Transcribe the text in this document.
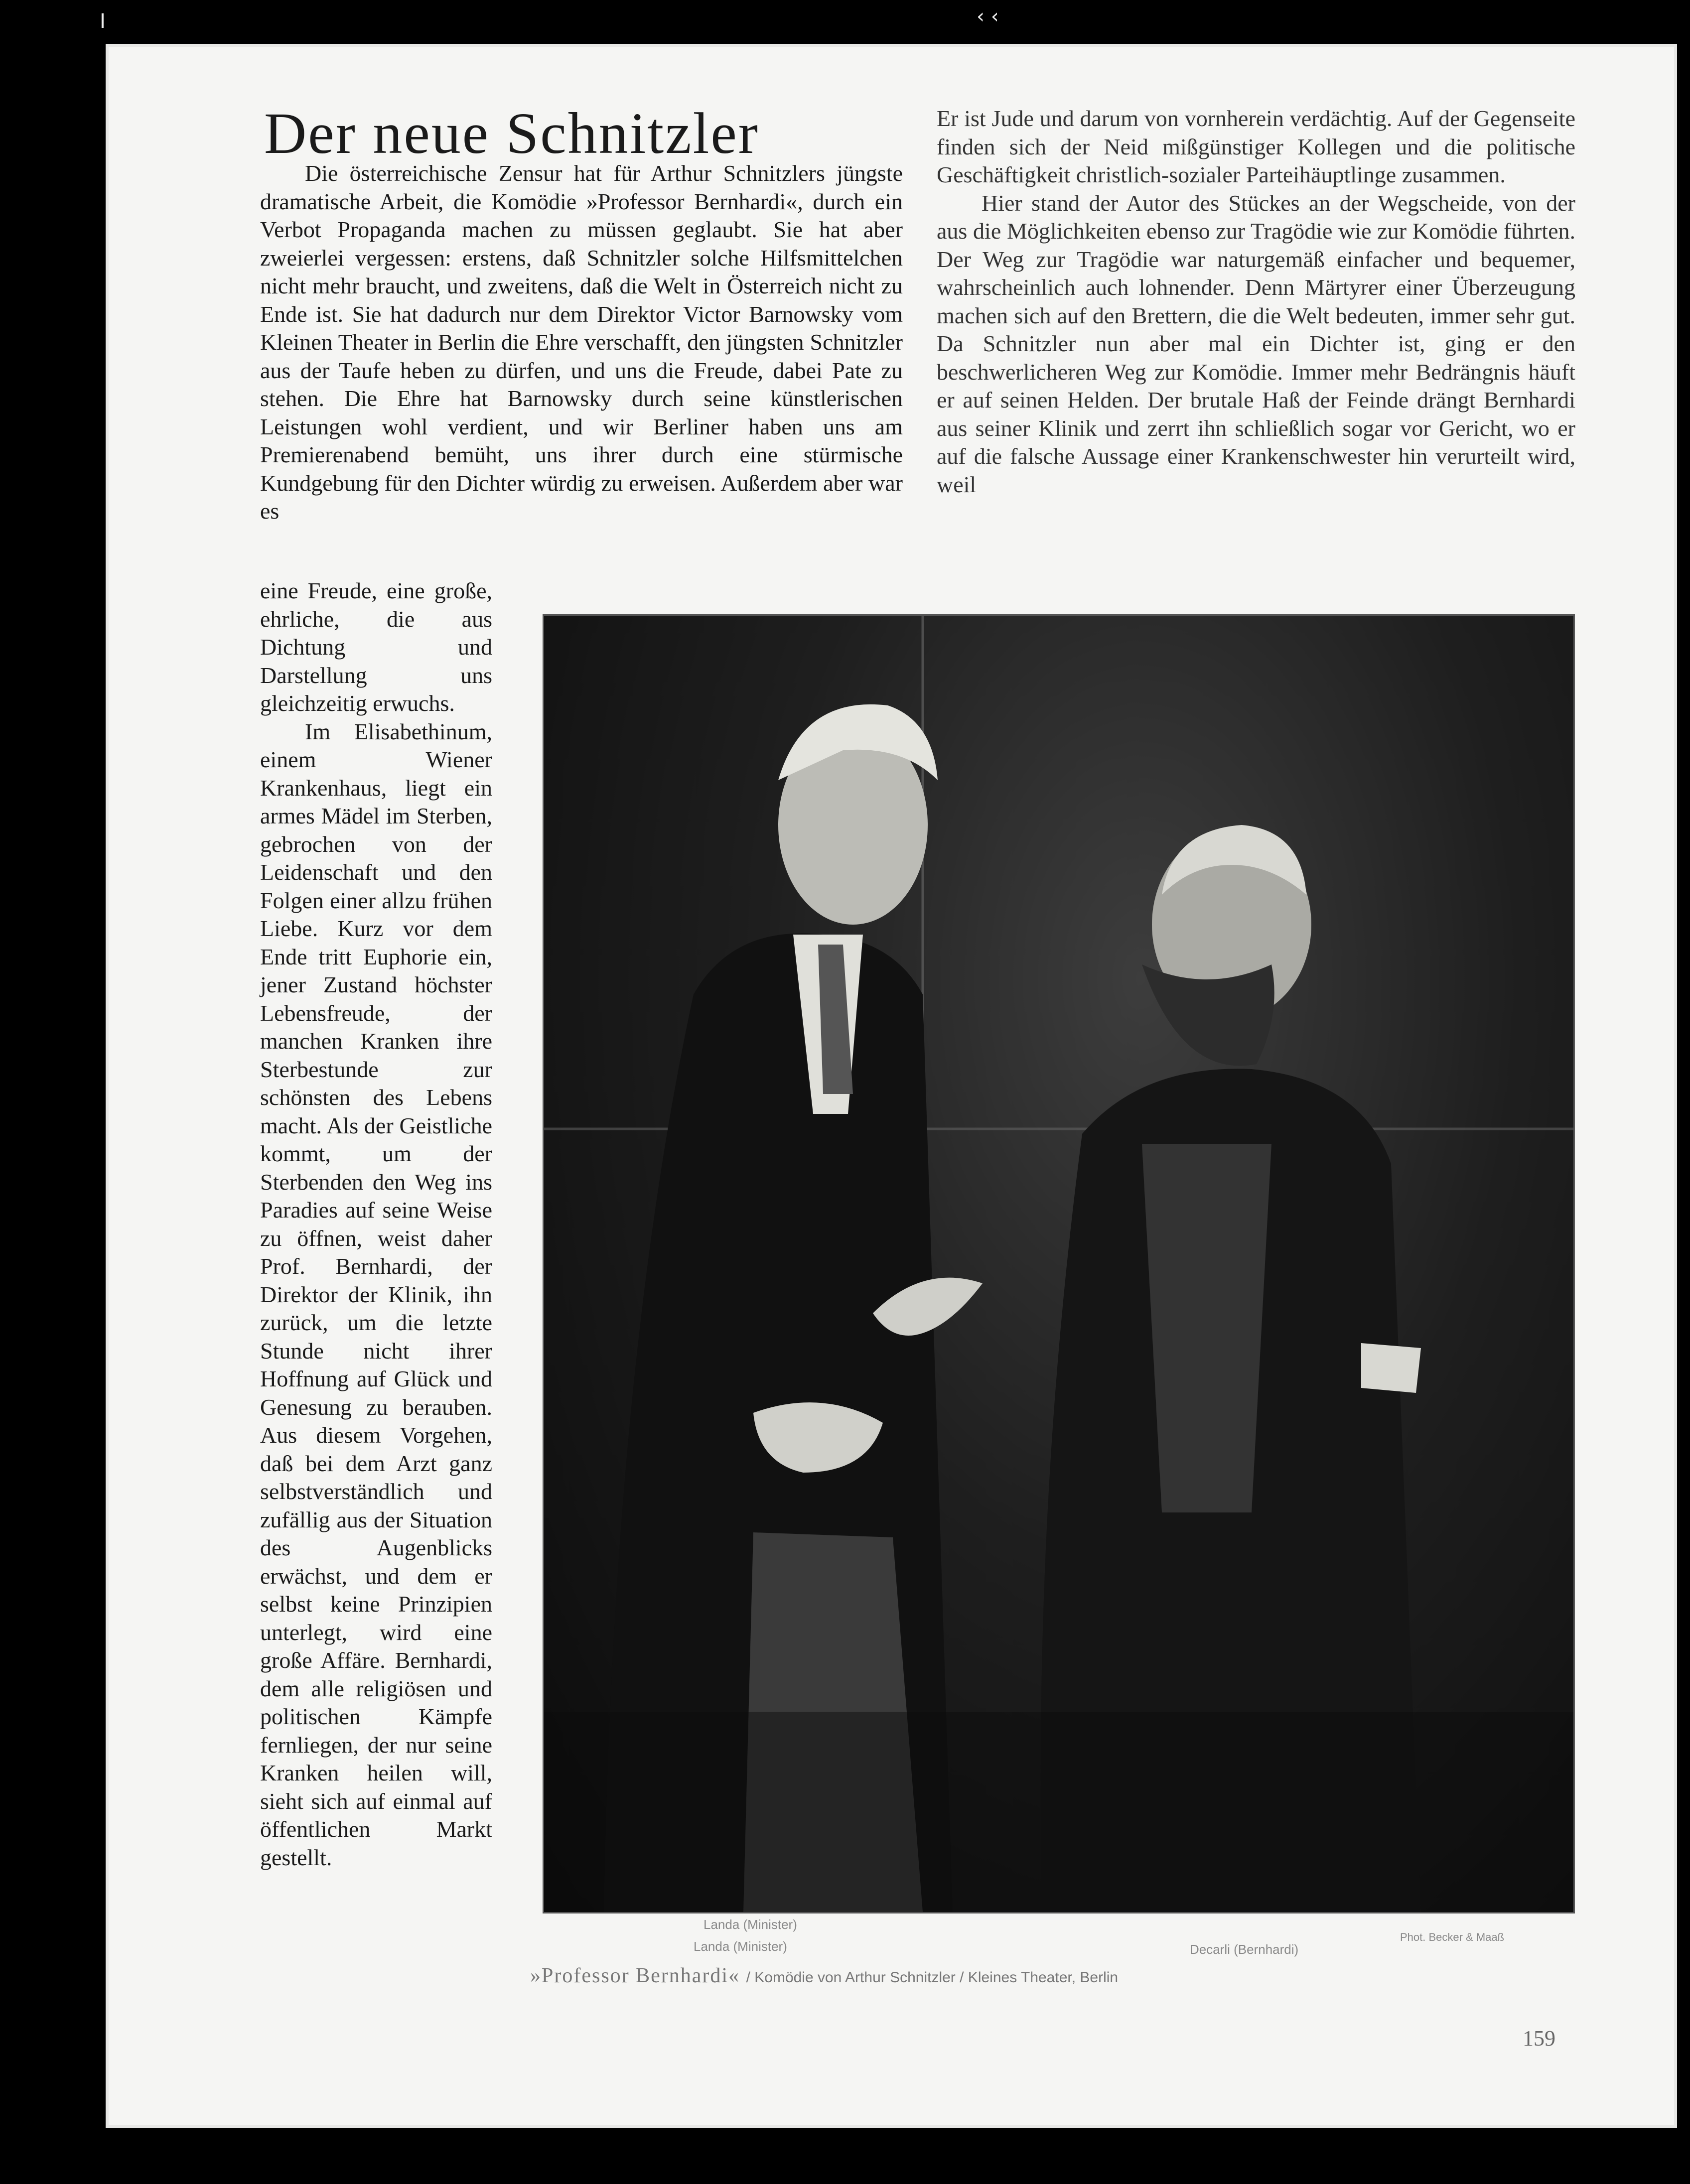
I	‹ ‹
Der neue Schnitzler

Die österreichische Zensur hat für Arthur Schnitzlers jüngste dramatische Arbeit, die Komödie »Professor Bernhardi«, durch ein Verbot Propaganda machen zu müssen geglaubt. Sie hat aber zweierlei vergessen: erstens, daß Schnitzler solche Hilfsmittelchen nicht mehr braucht, und zweitens, daß die Welt in Österreich nicht zu Ende ist. Sie hat dadurch nur dem Direktor Victor Barnowsky vom Kleinen Theater in Berlin die Ehre verschafft, den jüngsten Schnitzler aus der Taufe heben zu dürfen, und uns die Freude, dabei Pate zu stehen. Die Ehre hat Barnowsky durch seine künstlerischen Leistungen wohl verdient, und wir Berliner haben uns am Premierenabend bemüht, uns ihrer durch eine stürmische Kundgebung für den Dichter würdig zu erweisen. Außerdem aber war es

eine Freude, eine große, ehrliche, die aus Dichtung und Darstellung uns gleichzeitig erwuchs.

Im Elisabethinum, einem Wiener Krankenhaus, liegt ein armes Mädel im Sterben, gebrochen von der Leidenschaft und den Folgen einer allzu frühen Liebe. Kurz vor dem Ende tritt Euphorie ein, jener Zustand höchster Lebensfreude, der manchen Kranken ihre Sterbestunde zur schönsten des Lebens macht. Als der Geistliche kommt, um der Sterbenden den Weg ins Paradies auf seine Weise zu öffnen, weist daher Prof. Bernhardi, der Direktor der Klinik, ihn zurück, um die letzte Stunde nicht ihrer Hoffnung auf Glück und Genesung zu berauben. Aus diesem Vorgehen, daß bei dem Arzt ganz selbstverständlich und zufällig aus der Situation des Augenblicks erwächst, und dem er selbst keine Prinzipien unterlegt, wird eine große Affäre. Bernhardi, dem alle religiösen und politischen Kämpfe fernliegen, der nur seine Kranken heilen will, sieht sich auf einmal auf öffentlichen Markt gestellt.

Er ist Jude und darum von vornherein verdächtig. Auf der Gegenseite finden sich der Neid mißgünstiger Kollegen und die politische Geschäftigkeit christlich-sozialer Parteihäuptlinge zusammen.

Hier stand der Autor des Stückes an der Wegscheide, von der aus die Möglichkeiten ebenso zur Tragödie wie zur Komödie führten. Der Weg zur Tragödie war naturgemäß einfacher und bequemer, wahrscheinlich auch lohnender. Denn Märtyrer einer Überzeugung machen sich auf den Brettern, die die Welt bedeuten, immer sehr gut. Da Schnitzler nun aber mal ein Dichter ist, ging er den beschwerlicheren Weg zur Komödie. Immer mehr Bedrängnis häuft er auf seinen Helden. Der brutale Haß der Feinde drängt Bernhardi aus seiner Klinik und zerrt ihn schließlich sogar vor Gericht, wo er auf die falsche Aussage einer Krankenschwester hin verurteilt wird, weil

Landa (Minister)
Landa (Minister)	Decarli (Bernhardi)
Phot. Becker & Maaß
»Professor Bernhardi« / Komödie von Arthur Schnitzler / Kleines Theater, Berlin
159
